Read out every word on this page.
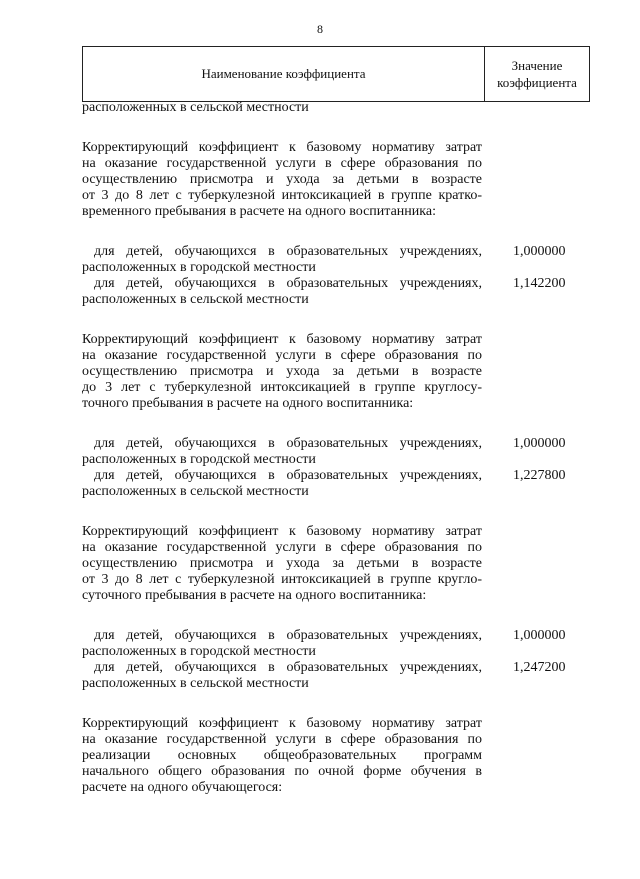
8
Наименование коэффициента
Значение
коэффициента
расположенных в сельской местности
Корректирующий коэффициент к базовому нормативу затрат
на оказание государственной услуги в сфере образования по
осуществлению присмотра и ухода за детьми в возрасте
от 3 до 8 лет с туберкулезной интоксикацией в группе кратко-
временного пребывания в расчете на одного воспитанника:
для детей, обучающихся в образовательных учреждениях,
расположенных в городской местности
1,000000
для детей, обучающихся в образовательных учреждениях,
расположенных в сельской местности
1,142200
Корректирующий коэффициент к базовому нормативу затрат
на оказание государственной услуги в сфере образования по
осуществлению присмотра и ухода за детьми в возрасте
до 3 лет с туберкулезной интоксикацией в группе круглосу-
точного пребывания в расчете на одного воспитанника:
для детей, обучающихся в образовательных учреждениях,
расположенных в городской местности
1,000000
для детей, обучающихся в образовательных учреждениях,
расположенных в сельской местности
1,227800
Корректирующий коэффициент к базовому нормативу затрат
на оказание государственной услуги в сфере образования по
осуществлению присмотра и ухода за детьми в возрасте
от 3 до 8 лет с туберкулезной интоксикацией в группе кругло-
суточного пребывания в расчете на одного воспитанника:
для детей, обучающихся в образовательных учреждениях,
расположенных в городской местности
1,000000
для детей, обучающихся в образовательных учреждениях,
расположенных в сельской местности
1,247200
Корректирующий коэффициент к базовому нормативу затрат
на оказание государственной услуги в сфере образования по
реализации основных общеобразовательных программ
начального общего образования по очной форме обучения в
расчете на одного обучающегося:
